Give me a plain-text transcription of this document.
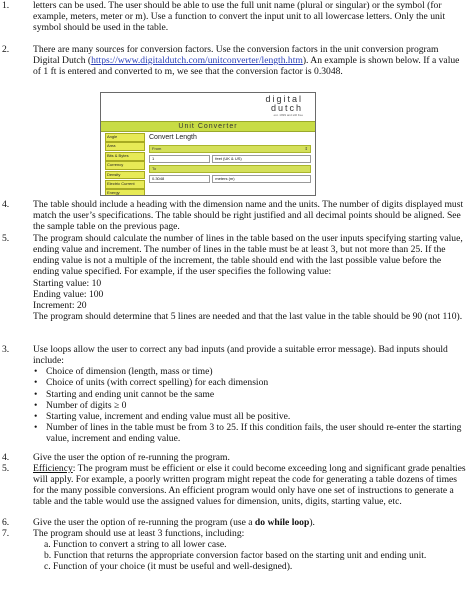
1. letters can be used. The user should be able to use the full unit name (plural or singular) or the symbol (for example, meters, meter or m). Use a function to convert the input unit to all lowercase letters. Only the unit symbol should be used in the table.
2. There are many sources for conversion factors. Use the conversion factors in the unit conversion program Digital Dutch (https://www.digitaldutch.com/unitconverter/length.htm). An example is shown below. If a value of 1 ft is entered and converted to m, we see that the conversion factor is 0.3048.
digital
dutch
est. 1999 and still free
Unit Converter
Angle
Area
Bits & Bytes
Currency
Density
Electric Current
Energy
Convert Length
From	⇕
1	feet (UK & US)
To
0.3048	meters (m)
4. The table should include a heading with the dimension name and the units. The number of digits displayed must match the user’s specifications. The table should be right justified and all decimal points should be aligned. See the sample table on the previous page.
5. The program should calculate the number of lines in the table based on the user inputs specifying starting value, ending value and increment. The number of lines in the table must be at least 3, but not more than 25. If the ending value is not a multiple of the increment, the table should end with the last possible value before the ending value specified. For example, if the user specifies the following value:

Starting value: 10

Ending value: 100

Increment: 20

The program should determine that 5 lines are needed and that the last value in the table should be 90 (not 110).

3. Use loops allow the user to correct any bad inputs (and provide a suitable error message). Bad inputs should include:

• Choice of dimension (length, mass or time)
• Choice of units (with correct spelling) for each dimension
• Starting and ending unit cannot be the same
• Number of digits ≥ 0
• Starting value, increment and ending value must all be positive.
• Number of lines in the table must be from 3 to 25. If this condition fails, the user should re-enter the starting value, increment and ending value.
4. Give the user the option of re-running the program.
5. Efficiency: The program must be efficient or else it could become exceeding long and significant grade penalties will apply. For example, a poorly written program might repeat the code for generating a table dozens of times for the many possible conversions. An efficient program would only have one set of instructions to generate a table and the table would use the assigned values for dimension, units, digits, starting value, etc.
6. Give the user the option of re-running the program (use a do while loop).
7. The program should use at least 3 functions, including:

a. Function to convert a string to all lower case.

b. Function that returns the appropriate conversion factor based on the starting unit and ending unit.

c. Function of your choice (it must be useful and well-designed).
